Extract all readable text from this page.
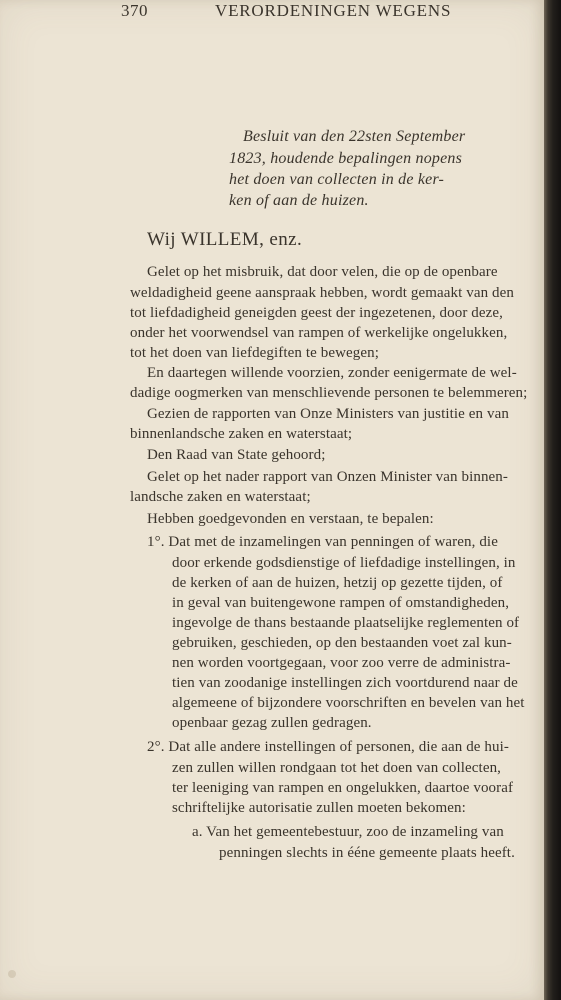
370	VERORDENINGEN WEGENS
Besluit van den 22sten September
1823, houdende bepalingen nopens
het doen van collecten in de ker-
ken of aan de huizen.
Wij WILLEM, enz.
Gelet op het misbruik, dat door velen, die op de openbare
weldadigheid geene aanspraak hebben, wordt gemaakt van den
tot liefdadigheid geneigden geest der ingezetenen, door deze,
onder het voorwendsel van rampen of werkelijke ongelukken,
tot het doen van liefdegiften te bewegen;
En daartegen willende voorzien, zonder eenigermate de wel-
dadige oogmerken van menschlievende personen te belemmeren;
Gezien de rapporten van Onze Ministers van justitie en van
binnenlandsche zaken en waterstaat;
Den Raad van State gehoord;
Gelet op het nader rapport van Onzen Minister van binnen-
landsche zaken en waterstaat;
Hebben goedgevonden en verstaan, te bepalen:
1°. Dat met de inzamelingen van penningen of waren, die
door erkende godsdienstige of liefdadige instellingen, in
de kerken of aan de huizen, hetzij op gezette tijden, of
in geval van buitengewone rampen of omstandigheden,
ingevolge de thans bestaande plaatselijke reglementen of
gebruiken, geschieden, op den bestaanden voet zal kun-
nen worden voortgegaan, voor zoo verre de administra-
tien van zoodanige instellingen zich voortdurend naar de
algemeene of bijzondere voorschriften en bevelen van het
openbaar gezag zullen gedragen.
2°. Dat alle andere instellingen of personen, die aan de hui-
zen zullen willen rondgaan tot het doen van collecten,
ter leeniging van rampen en ongelukken, daartoe vooraf
schriftelijke autorisatie zullen moeten bekomen:
a. Van het gemeentebestuur, zoo de inzameling van
penningen slechts in ééne gemeente plaats heeft.
